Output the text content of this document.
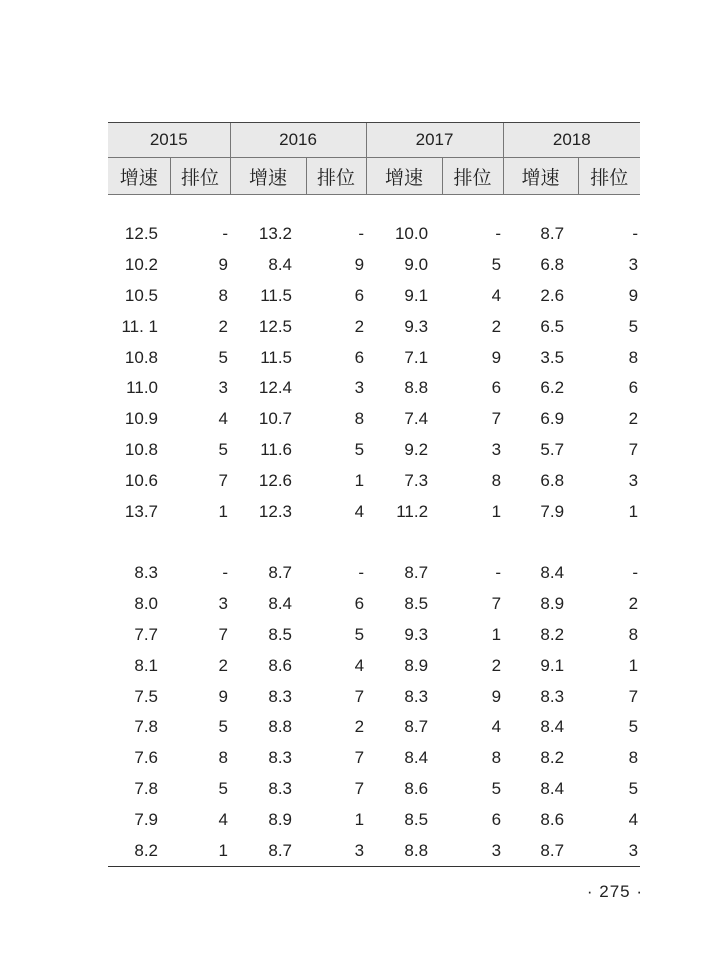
2015		2016		2017		2018	
增速	排位	增速	排位	增速	排位	增速	排位

12.5	-	13.2	-	10.0	-	8.7	-
10.2	9	8.4	9	9.0	5	6.8	3
10.5	8	11.5	6	9.1	4	2.6	9
11. 1	2	12.5	2	9.3	2	6.5	5
10.8	5	11.5	6	7.1	9	3.5	8
11.0	3	12.4	3	8.8	6	6.2	6
10.9	4	10.7	8	7.4	7	6.9	2
10.8	5	11.6	5	9.2	3	5.7	7
10.6	7	12.6	1	7.3	8	6.8	3
13.7	1	12.3	4	11.2	1	7.9	1

8.3	-	8.7	-	8.7	-	8.4	-
8.0	3	8.4	6	8.5	7	8.9	2
7.7	7	8.5	5	9.3	1	8.2	8
8.1	2	8.6	4	8.9	2	9.1	1
7.5	9	8.3	7	8.3	9	8.3	7
7.8	5	8.8	2	8.7	4	8.4	5
7.6	8	8.3	7	8.4	8	8.2	8
7.8	5	8.3	7	8.6	5	8.4	5
7.9	4	8.9	1	8.5	6	8.6	4
8.2	1	8.7	3	8.8	3	8.7	3
· 275 ·
